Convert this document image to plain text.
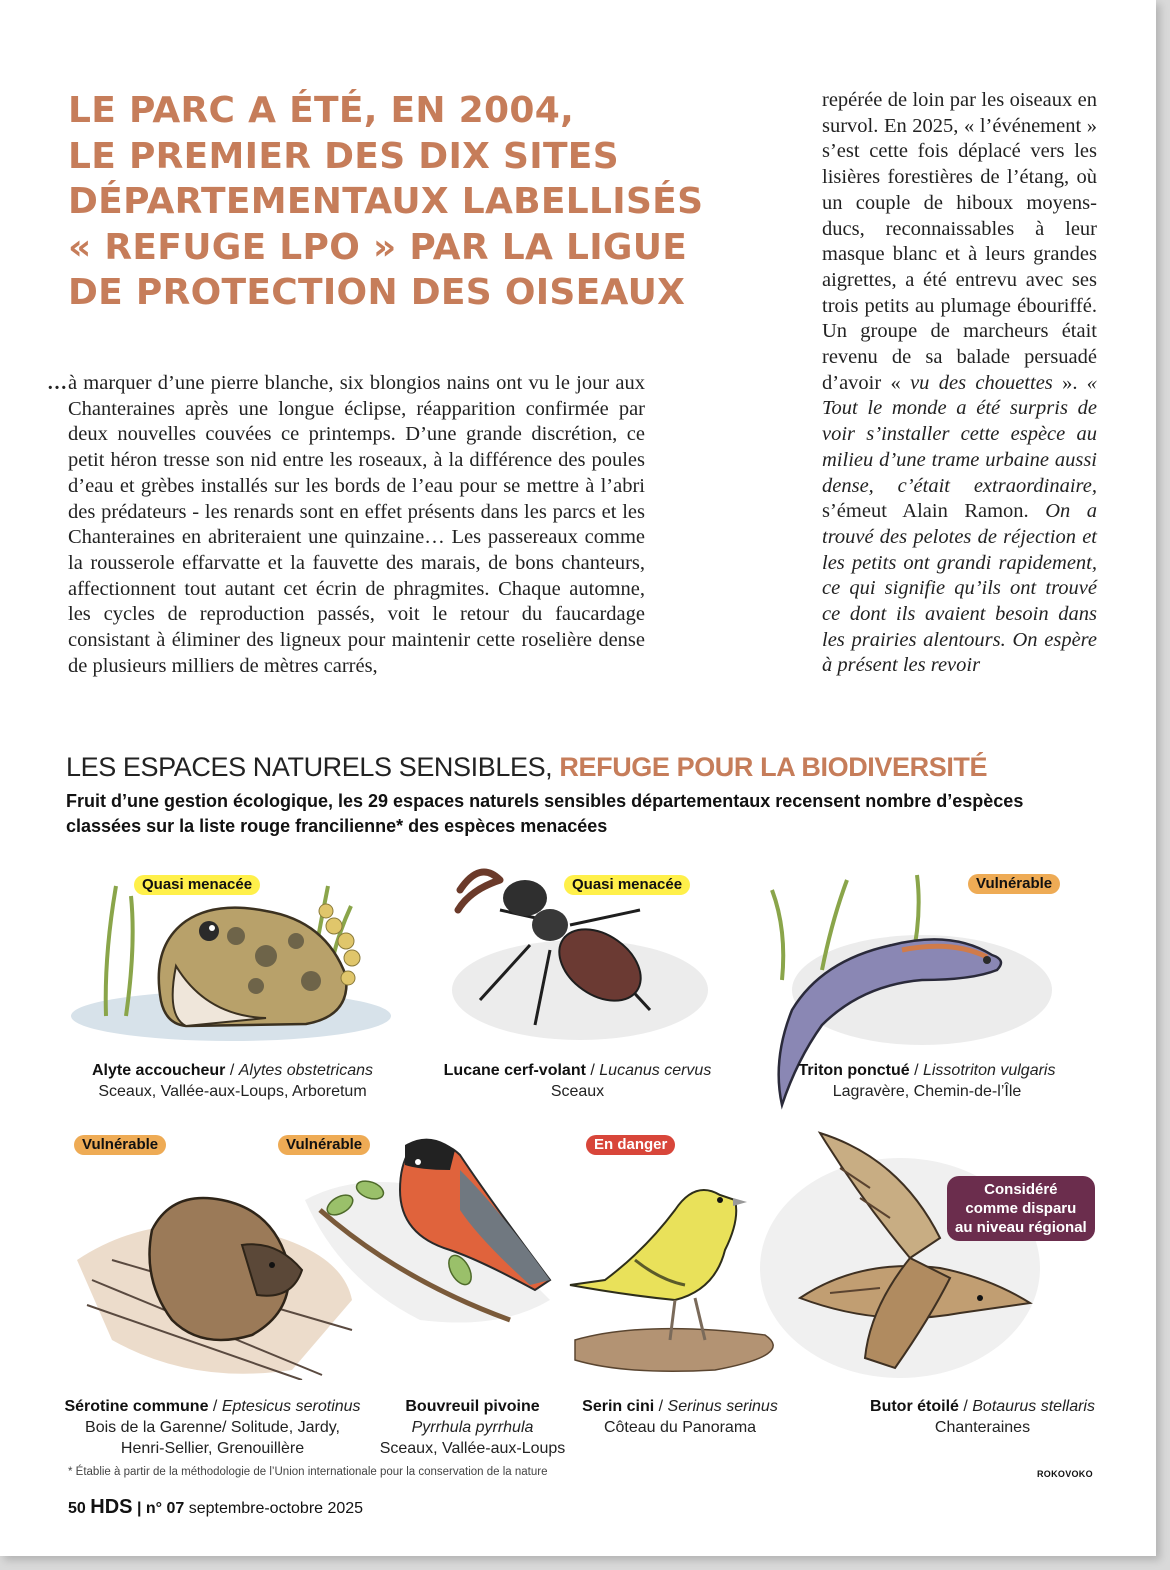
LE PARC A ÉTÉ, EN 2004,
LE PREMIER DES DIX SITES
DÉPARTEMENTAUX LABELLISÉS
« REFUGE LPO » PAR LA LIGUE
DE PROTECTION DES OISEAUX
… à marquer d’une pierre blanche, six blongios nains ont vu le jour aux Chanteraines après une longue éclipse, réapparition confirmée par deux nouvelles couvées ce printemps. D’une grande discrétion, ce petit héron tresse son nid entre les roseaux, à la différence des poules d’eau et grèbes installés sur les bords de l’eau pour se mettre à l’abri des prédateurs - les renards sont en effet présents dans les parcs et les Chanteraines en abriteraient une quinzaine… Les passereaux comme la rousserole effarvatte et la fauvette des marais, de bons chanteurs, affectionnent tout autant cet écrin de phragmites. Chaque automne, les cycles de reproduction passés, voit le retour du faucardage consistant à éliminer des ligneux pour maintenir cette roselière dense de plusieurs milliers de mètres carrés,

repérée de loin par les oiseaux en survol. En 2025, « l’événement » s’est cette fois déplacé vers les lisières forestières de l’étang, où un couple de hiboux moyens-ducs, reconnaissables à leur masque blanc et à leurs grandes aigrettes, a été entrevu avec ses trois petits au plumage ébouriffé. Un groupe de marcheurs était revenu de sa balade persuadé d’avoir « vu des chouettes ». « Tout le monde a été surpris de voir s’installer cette espèce au milieu d’une trame urbaine aussi dense, c’était extraordinaire, s’émeut Alain Ramon. On a trouvé des pelotes de réjection et les petits ont grandi rapidement, ce qui signifie qu’ils ont trouvé ce dont ils avaient besoin dans les prairies alentours. On espère à présent les revoir

LES ESPACES NATURELS SENSIBLES, REFUGE POUR LA BIODIVERSITÉ
Fruit d’une gestion écologique, les 29 espaces naturels sensibles départementaux recensent nombre d’espèces classées sur la liste rouge francilienne* des espèces menacées
Quasi menacée	Quasi menacée	Vulnérable
Vulnérable	Vulnérable	En danger
Considéré
comme disparu
au niveau régional
Alyte accoucheur / Alytes obstetricans
Sceaux, Vallée-aux-Loups, Arboretum
Lucane cerf-volant / Lucanus cervus
Sceaux
Triton ponctué / Lissotriton vulgaris
Lagravère, Chemin-de-l’Île
Sérotine commune / Eptesicus serotinus
Bois de la Garenne/ Solitude, Jardy,
Henri-Sellier, Grenouillère
Bouvreuil pivoine
Pyrrhula pyrrhula
Sceaux, Vallée-aux-Loups
Serin cini / Serinus serinus
Côteau du Panorama
Butor étoilé / Botaurus stellaris
Chanteraines
* Établie à partir de la méthodologie de l’Union internationale pour la conservation de la nature	ROKOVOKO
50 HDS | n° 07 septembre-octobre 2025
